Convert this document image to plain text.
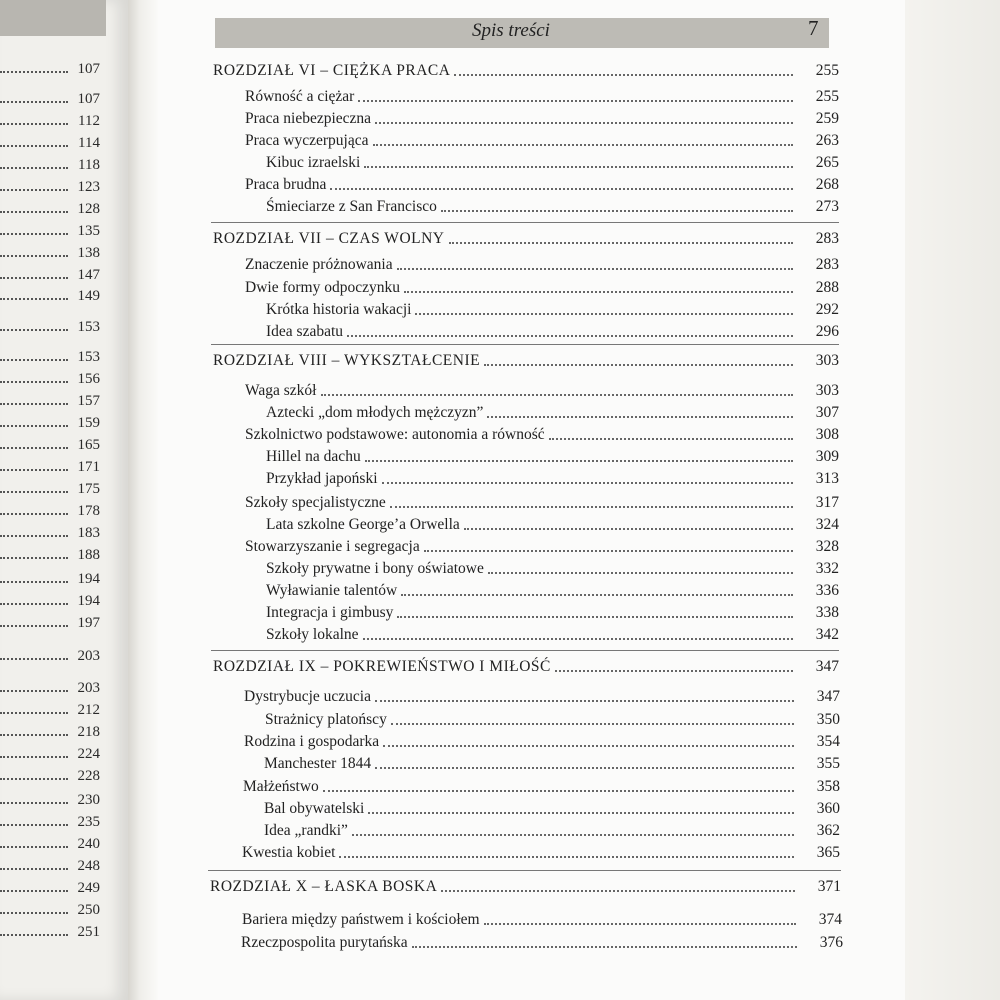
107
107
112
114
118
123
128
135
138
147
149
153
153
156
157
159
165
171
175
178
183
188
194
194
197
203
203
212
218
224
228
230
235
240
248
249
250
251
Spis treści	7
ROZDZIAŁ VI – CIĘŻKA PRACA	255
Równość a ciężar	255
Praca niebezpieczna	259
Praca wyczerpująca	263
Kibuc izraelski	265
Praca brudna	268
Śmieciarze z San Francisco	273
ROZDZIAŁ VII – CZAS WOLNY	283
Znaczenie próżnowania	283
Dwie formy odpoczynku	288
Krótka historia wakacji	292
Idea szabatu	296
ROZDZIAŁ VIII – WYKSZTAŁCENIE	303
Waga szkół	303
Aztecki „dom młodych mężczyzn”	307
Szkolnictwo podstawowe: autonomia a równość	308
Hillel na dachu	309
Przykład japoński	313
Szkoły specjalistyczne	317
Lata szkolne George’a Orwella	324
Stowarzyszanie i segregacja	328
Szkoły prywatne i bony oświatowe	332
Wyławianie talentów	336
Integracja i gimbusy	338
Szkoły lokalne	342
ROZDZIAŁ IX – POKREWIEŃSTWO I MIŁOŚĆ	347
Dystrybucje uczucia	347
Strażnicy platońscy	350
Rodzina i gospodarka	354
Manchester 1844	355
Małżeństwo	358
Bal obywatelski	360
Idea „randki”	362
Kwestia kobiet	365
ROZDZIAŁ X – ŁASKA BOSKA	371
Bariera między państwem i kościołem	374
Rzeczpospolita purytańska	376
